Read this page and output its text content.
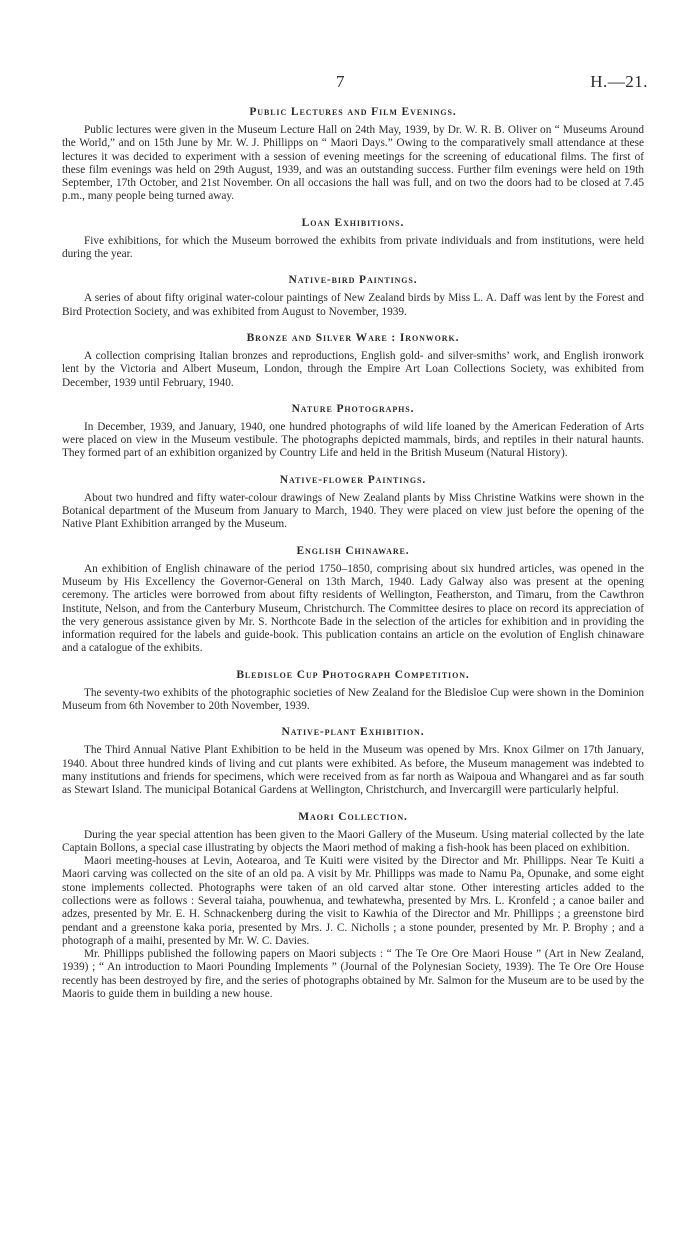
7	H.—21.
Public Lectures and Film Evenings.

Public lectures were given in the Museum Lecture Hall on 24th May, 1939, by Dr. W. R. B. Oliver on “ Museums Around the World,” and on 15th June by Mr. W. J. Phillipps on “ Maori Days.” Owing to the comparatively small attendance at these lectures it was decided to experiment with a session of evening meetings for the screening of educational films. The first of these film evenings was held on 29th August, 1939, and was an outstanding success. Further film evenings were held on 19th September, 17th October, and 21st November. On all occasions the hall was full, and on two the doors had to be closed at 7.45 p.m., many people being turned away.

Loan Exhibitions.

Five exhibitions, for which the Museum borrowed the exhibits from private individuals and from institutions, were held during the year.

Native-bird Paintings.

A series of about fifty original water-colour paintings of New Zealand birds by Miss L. A. Daff was lent by the Forest and Bird Protection Society, and was exhibited from August to November, 1939.

Bronze and Silver Ware : Ironwork.

A collection comprising Italian bronzes and reproductions, English gold- and silver-smiths’ work, and English ironwork lent by the Victoria and Albert Museum, London, through the Empire Art Loan Collections Society, was exhibited from December, 1939 until February, 1940.

Nature Photographs.

In December, 1939, and January, 1940, one hundred photographs of wild life loaned by the American Federation of Arts were placed on view in the Museum vestibule. The photographs depicted mammals, birds, and reptiles in their natural haunts. They formed part of an exhibition organized by Country Life and held in the British Museum (Natural History).

Native-flower Paintings.

About two hundred and fifty water-colour drawings of New Zealand plants by Miss Christine Watkins were shown in the Botanical department of the Museum from January to March, 1940. They were placed on view just before the opening of the Native Plant Exhibition arranged by the Museum.

English Chinaware.

An exhibition of English chinaware of the period 1750–1850, comprising about six hundred articles, was opened in the Museum by His Excellency the Governor-General on 13th March, 1940. Lady Galway also was present at the opening ceremony. The articles were borrowed from about fifty residents of Wellington, Featherston, and Timaru, from the Cawthron Institute, Nelson, and from the Canterbury Museum, Christchurch. The Committee desires to place on record its appreciation of the very generous assistance given by Mr. S. Northcote Bade in the selection of the articles for exhibition and in providing the information required for the labels and guide-book. This publication contains an article on the evolution of English chinaware and a catalogue of the exhibits.

Bledisloe Cup Photograph Competition.

The seventy-two exhibits of the photographic societies of New Zealand for the Bledisloe Cup were shown in the Dominion Museum from 6th November to 20th November, 1939.

Native-plant Exhibition.

The Third Annual Native Plant Exhibition to be held in the Museum was opened by Mrs. Knox Gilmer on 17th January, 1940. About three hundred kinds of living and cut plants were exhibited. As before, the Museum management was indebted to many institutions and friends for specimens, which were received from as far north as Waipoua and Whangarei and as far south as Stewart Island. The municipal Botanical Gardens at Wellington, Christchurch, and Invercargill were particularly helpful.

Maori Collection.

During the year special attention has been given to the Maori Gallery of the Museum. Using material collected by the late Captain Bollons, a special case illustrating by objects the Maori method of making a fish-hook has been placed on exhibition.

Maori meeting-houses at Levin, Aotearoa, and Te Kuiti were visited by the Director and Mr. Phillipps. Near Te Kuiti a Maori carving was collected on the site of an old pa. A visit by Mr. Phillipps was made to Namu Pa, Opunake, and some eight stone implements collected. Photographs were taken of an old carved altar stone. Other interesting articles added to the collections were as follows : Several taiaha, pouwhenua, and tewhatewha, presented by Mrs. L. Kronfeld ; a canoe bailer and adzes, presented by Mr. E. H. Schnackenberg during the visit to Kawhia of the Director and Mr. Phillipps ; a greenstone bird pendant and a greenstone kaka poria, presented by Mrs. J. C. Nicholls ; a stone pounder, presented by Mr. P. Brophy ; and a photograph of a maihi, presented by Mr. W. C. Davies.

Mr. Phillipps published the following papers on Maori subjects : “ The Te Ore Ore Maori House ” (Art in New Zealand, 1939) ; “ An introduction to Maori Pounding Implements ” (Journal of the Polynesian Society, 1939). The Te Ore Ore House recently has been destroyed by fire, and the series of photographs obtained by Mr. Salmon for the Museum are to be used by the Maoris to guide them in building a new house.
